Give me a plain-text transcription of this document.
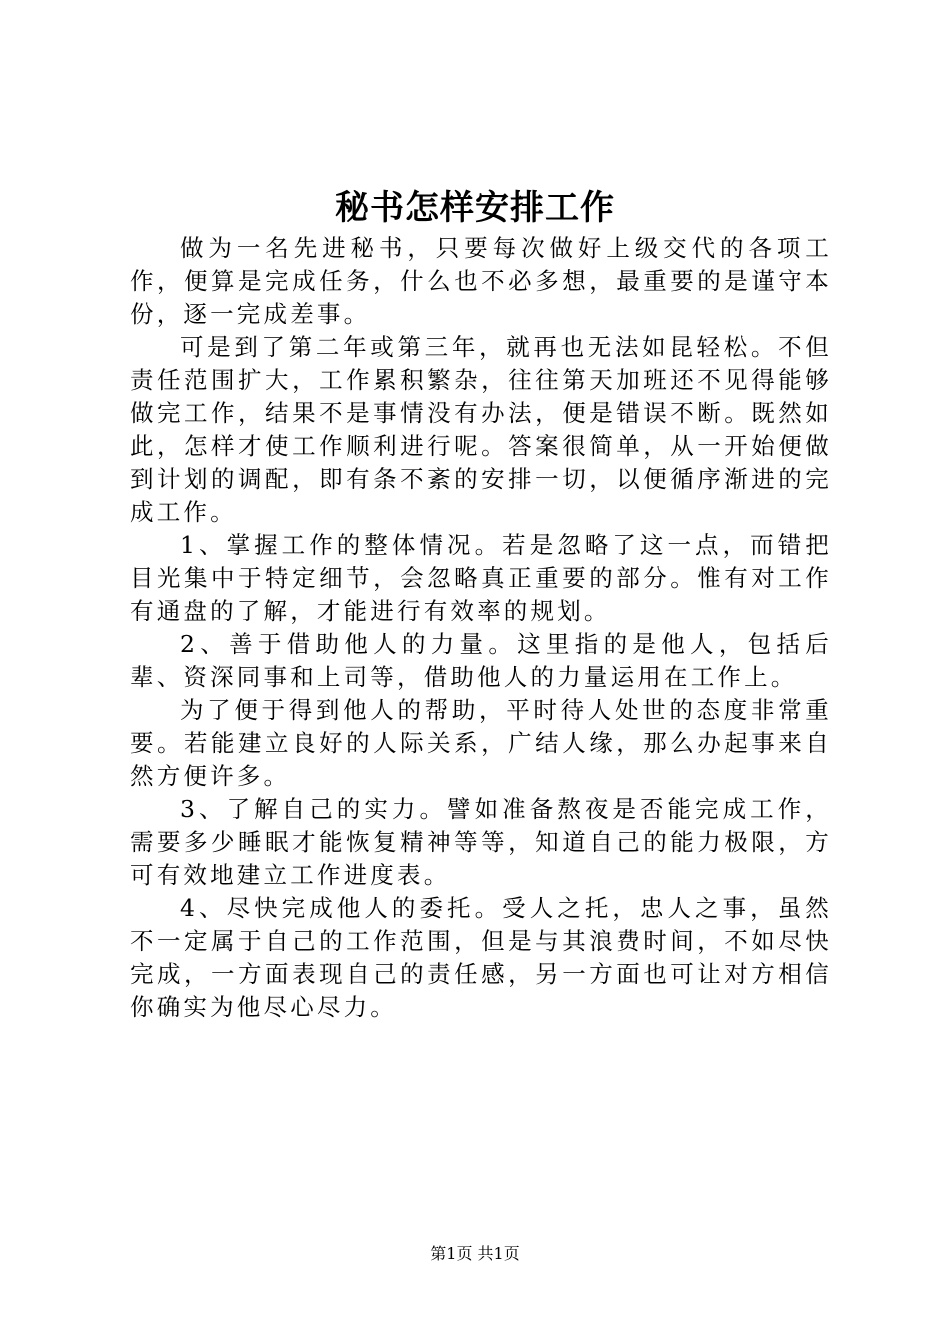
秘书怎样安排工作

做为一名先进秘书，只要每次做好上级交代的各项工作，便算是完成任务，什么也不必多想，最重要的是谨守本份，逐一完成差事。

可是到了第二年或第三年，就再也无法如昆轻松。不但责任范围扩大，工作累积繁杂，往往第天加班还不见得能够做完工作，结果不是事情没有办法，便是错误不断。既然如此，怎样才使工作顺利进行呢。答案很简单，从一开始便做到计划的调配，即有条不紊的安排一切，以便循序渐进的完成工作。

1、掌握工作的整体情况。若是忽略了这一点，而错把目光集中于特定细节，会忽略真正重要的部分。惟有对工作有通盘的了解，才能进行有效率的规划。

2、善于借助他人的力量。这里指的是他人，包括后辈、资深同事和上司等，借助他人的力量运用在工作上。

为了便于得到他人的帮助，平时待人处世的态度非常重要。若能建立良好的人际关系，广结人缘，那么办起事来自然方便许多。

3、了解自己的实力。譬如准备熬夜是否能完成工作，需要多少睡眠才能恢复精神等等，知道自己的能力极限，方可有效地建立工作进度表。

4、尽快完成他人的委托。受人之托，忠人之事，虽然不一定属于自己的工作范围，但是与其浪费时间，不如尽快完成，一方面表现自己的责任感，另一方面也可让对方相信你确实为他尽心尽力。

第1页 共1页
